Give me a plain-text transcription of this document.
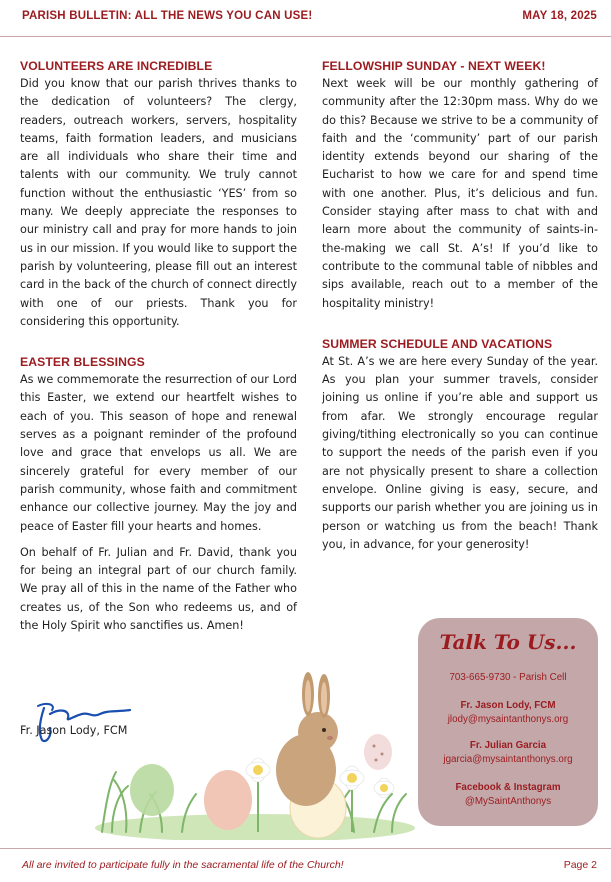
PARISH BULLETIN: ALL THE NEWS YOU CAN USE!	MAY 18, 2025
VOLUNTEERS ARE INCREDIBLE

Did you know that our parish thrives thanks to the dedication of volunteers? The clergy, readers, outreach workers, servers, hospitality teams, faith formation leaders, and musicians are all individuals who share their time and talents with our community. We truly cannot function without the enthusiastic ‘YES’ from so many. We deeply appreciate the responses to our ministry call and pray for more hands to join us in our mission. If you would like to support the parish by volunteering, please fill out an interest card in the back of the church of connect directly with one of our priests. Thank you for considering this opportunity.

EASTER BLESSINGS

As we commemorate the resurrection of our Lord this Easter, we extend our heartfelt wishes to each of you. This season of hope and renewal serves as a poignant reminder of the profound love and grace that envelops us all. We are sincerely grateful for every member of our parish community, whose faith and commitment enhance our collective journey. May the joy and peace of Easter fill your hearts and homes.

On behalf of Fr. Julian and Fr. David, thank you for being an integral part of our church family. We pray all of this in the name of the Father who creates us, of the Son who redeems us, and of the Holy Spirit who sanctifies us. Amen!

Fr. Jason Lody, FCM
FELLOWSHIP SUNDAY - NEXT WEEK!

Next week will be our monthly gathering of community after the 12:30pm mass. Why do we do this? Because we strive to be a community of faith and the ‘community’ part of our parish identity extends beyond our sharing of the Eucharist to how we care for and spend time with one another. Plus, it’s delicious and fun. Consider staying after mass to chat with and learn more about the community of saints-in-the-making we call St. A’s! If you’d like to contribute to the communal table of nibbles and sips available, reach out to a member of the hospitality ministry!

SUMMER SCHEDULE AND VACATIONS

At St. A’s we are here every Sunday of the year. As you plan your summer travels, consider joining us online if you’re able and support us from afar. We strongly encourage regular giving/tithing electronically so you can continue to support the needs of the parish even if you are not physically present to share a collection envelope. Online giving is easy, secure, and supports our parish whether you are joining us in person or watching us from the beach! Thank you, in advance, for your generosity!

Talk To Us...
703-665-9730 - Parish Cell
Fr. Jason Lody, FCM
jlody@mysaintanthonys.org
Fr. Julian Garcia
jgarcia@mysaintanthonys.org
Facebook & Instagram
@MySaintAnthonys
All are invited to participate fully in the sacramental life of the Church!	Page 2
